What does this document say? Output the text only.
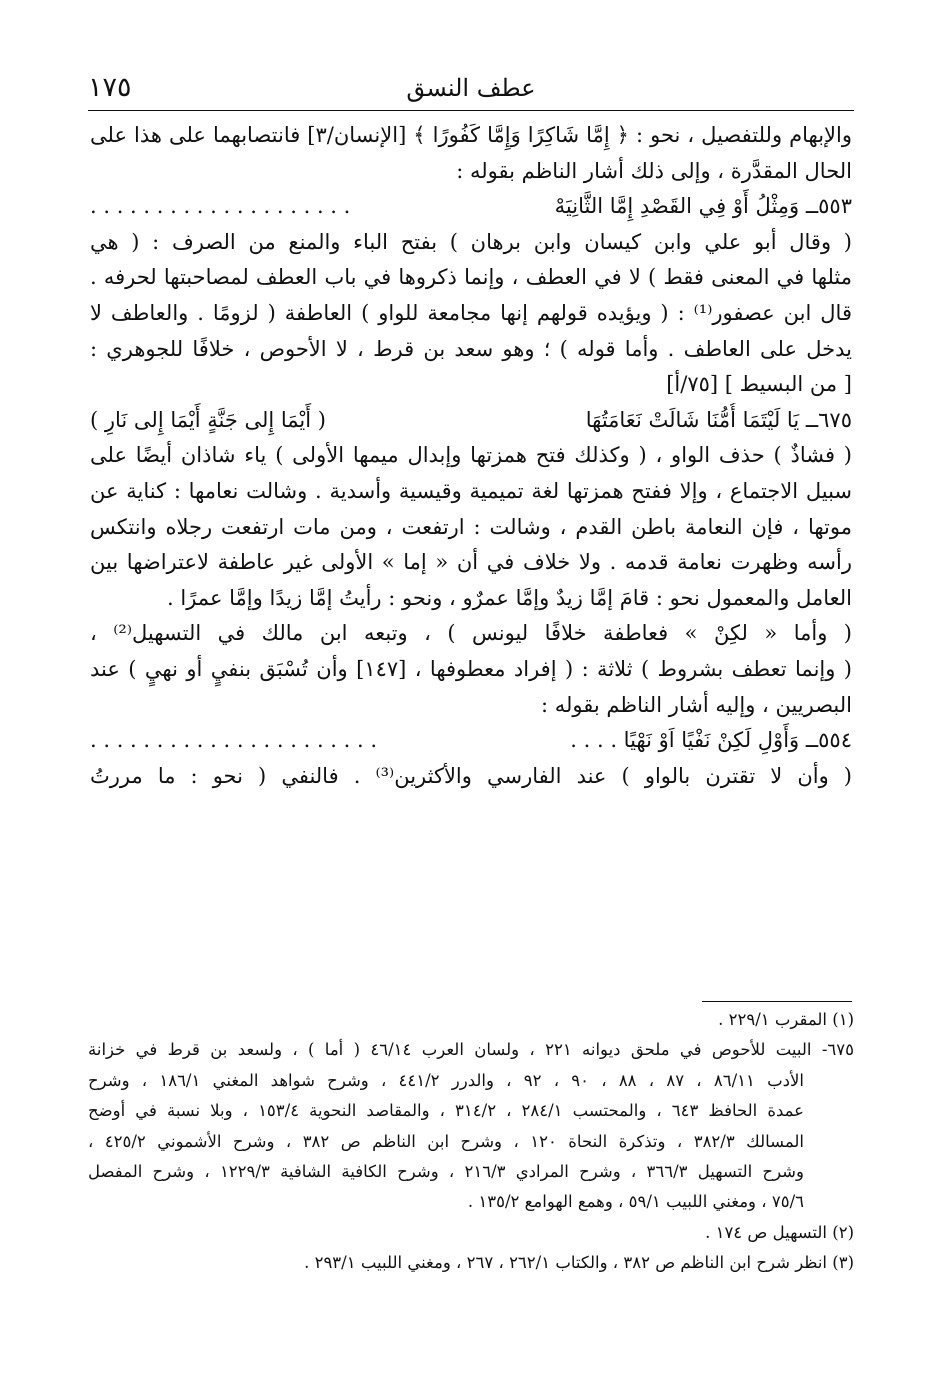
١٧٥	عطف النسق
والإبهام وللتفصيل ، نحو : ﴿ إِمَّا شَاكِرًا وَإِمَّا كَفُورًا ﴾ [الإنسان/٣] فانتصابهما على هذا على
الحال المقدَّرة ، وإلى ذلك أشار الناظم بقوله :
٥٥٣ــ وَمِثْلُ أَوْ فِي القَصْدِ إِمَّا الثَّانِيَهْ
. . . . . . . . . . . . . . . . . . . .
( وقال أبو علي وابن كيسان وابن برهان ) بفتح الباء والمنع من الصرف : ( هي
مثلها في المعنى فقط ) لا في العطف ، وإنما ذكروها في باب العطف لمصاحبتها لحرفه .
قال ابن عصفور⁽¹⁾ : ( ويؤيده قولهم إنها مجامعة للواو ) العاطفة ( لزومًا . والعاطف لا
يدخل على العاطف . وأما قوله ) ؛ وهو سعد بن قرط ، لا الأحوص ، خلافًا للجوهري :
[ من البسيط ] [٧٥/أ]
٦٧٥ــ يَا لَيْتَمَا أُمُّنَا شَالَتْ نَعَامَتُهَا
( أَيْمَا إِلى جَنَّةٍ أَيْمَا إِلى نَارِ )
( فشاذٌ ) حذف الواو ، ( وكذلك فتح همزتها وإبدال ميمها الأولى ) ياء شاذان أيضًا على
سبيل الاجتماع ، وإلا ففتح همزتها لغة تميمية وقيسية وأسدية . وشالت نعامها : كناية عن
موتها ، فإن النعامة باطن القدم ، وشالت : ارتفعت ، ومن مات ارتفعت رجلاه وانتكس
رأسه وظهرت نعامة قدمه . ولا خلاف في أن « إما » الأولى غير عاطفة لاعتراضها بين
العامل والمعمول نحو : قامَ إمَّا زيدٌ وإمَّا عمرٌو ، ونحو : رأيتُ إمَّا زيدًا وإمَّا عمرًا .
( وأما « لكِنْ » فعاطفة خلافًا ليونس ) ، وتبعه ابن مالك في التسهيل⁽²⁾ ،
( وإنما تعطف بشروط ) ثلاثة : ( إفراد معطوفها ، [١٤٧] وأن تُسْبَق بنفيٍ أو نهيٍ ) عند
البصريين ، وإليه أشار الناظم بقوله :
٥٥٤ــ وَأَوْلِ لَكِنْ نَفْيًا اَوْ نَهْيًا . . . .
. . . . . . . . . . . . . . . . . . . . . .
( وأن لا تقترن بالواو ) عند الفارسي والأكثرين⁽³⁾ . فالنفي ( نحو : ما مررتُ
(١) المقرب ٢٢٩/١ .
٦٧٥- البيت للأحوص في ملحق ديوانه ٢٢١ ، ولسان العرب ٤٦/١٤ ( أما ) ، ولسعد بن قرط في خزانة
الأدب ٨٦/١١ ، ٨٧ ، ٨٨ ، ٩٠ ، ٩٢ ، والدرر ٤٤١/٢ ، وشرح شواهد المغني ١٨٦/١ ، وشرح
عمدة الحافظ ٦٤٣ ، والمحتسب ٢٨٤/١ ، ٣١٤/٢ ، والمقاصد النحوية ١٥٣/٤ ، وبلا نسبة في أوضح
المسالك ٣٨٢/٣ ، وتذكرة النحاة ١٢٠ ، وشرح ابن الناظم ص ٣٨٢ ، وشرح الأشموني ٤٢٥/٢ ،
وشرح التسهيل ٣٦٦/٣ ، وشرح المرادي ٢١٦/٣ ، وشرح الكافية الشافية ١٢٢٩/٣ ، وشرح المفصل
٧٥/٦ ، ومغني اللبيب ٥٩/١ ، وهمع الهوامع ١٣٥/٢ .
(٢) التسهيل ص ١٧٤ .
(٣) انظر شرح ابن الناظم ص ٣٨٢ ، والكتاب ٢٦٢/١ ، ٢٦٧ ، ومغني اللبيب ٢٩٣/١ .
